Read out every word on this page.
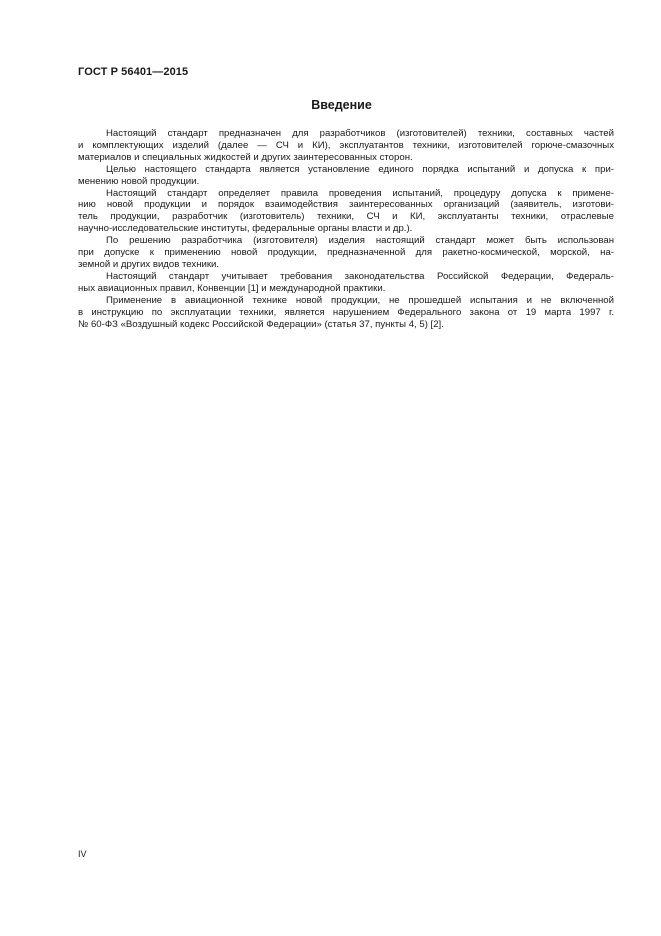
ГОСТ Р 56401—2015
Введение
Настоящий стандарт предназначен для разработчиков (изготовителей) техники, составных частей
и комплектующих изделий (далее — СЧ и КИ), эксплуатантов техники, изготовителей горюче-смазочных
материалов и специальных жидкостей и других заинтересованных сторон.
Целью настоящего стандарта является установление единого порядка испытаний и допуска к при-
менению новой продукции.
Настоящий стандарт определяет правила проведения испытаний, процедуру допуска к примене-
нию новой продукции и порядок взаимодействия заинтересованных организаций (заявитель, изготови-
тель продукции, разработчик (изготовитель) техники, СЧ и КИ, эксплуатанты техники, отраслевые
научно-исследовательские институты, федеральные органы власти и др.).
По решению разработчика (изготовителя) изделия настоящий стандарт может быть использован
при допуске к применению новой продукции, предназначенной для ракетно-космической, морской, на-
земной и других видов техники.
Настоящий стандарт учитывает требования законодательства Российской Федерации, Федераль-
ных авиационных правил, Конвенции [1] и международной практики.
Применение в авиационной технике новой продукции, не прошедшей испытания и не включенной
в инструкцию по эксплуатации техники, является нарушением Федерального закона от 19 марта 1997 г.
№ 60-ФЗ «Воздушный кодекс Российской Федерации» (статья 37, пункты 4, 5) [2].
IV
